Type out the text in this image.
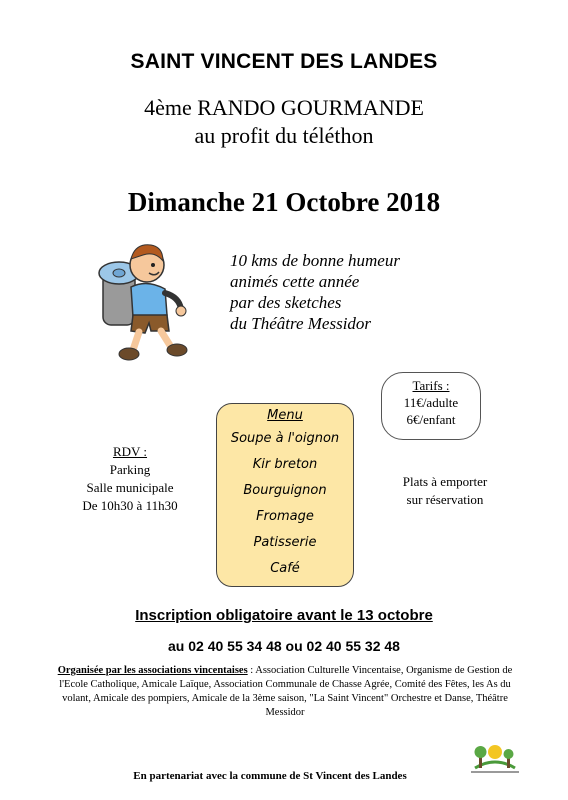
SAINT VINCENT DES LANDES
4ème RANDO GOURMANDE
au profit du téléthon
Dimanche 21 Octobre 2018
10 kms de bonne humeur
animés cette année
par des sketches
du Théâtre Messidor
Tarifs :
11€/adulte
6€/enfant
Menu
Soupe à l'oignon
Kir breton
Bourguignon
Fromage
Patisserie
Café
RDV :
Parking
Salle municipale
De 10h30 à 11h30
Plats à emporter
sur réservation
Inscription obligatoire avant le 13 octobre
au 02 40 55 34 48 ou 02 40 55 32 48
Organisée par les associations vincentaises : Association Culturelle Vincentaise, Organisme de Gestion de l'Ecole Catholique, Amicale Laïque, Association Communale de Chasse Agrée, Comité des Fêtes, les As du volant, Amicale des pompiers, Amicale de la 3ème saison, "La Saint Vincent" Orchestre et Danse, Théâtre Messidor
En partenariat avec la commune de St Vincent des Landes
